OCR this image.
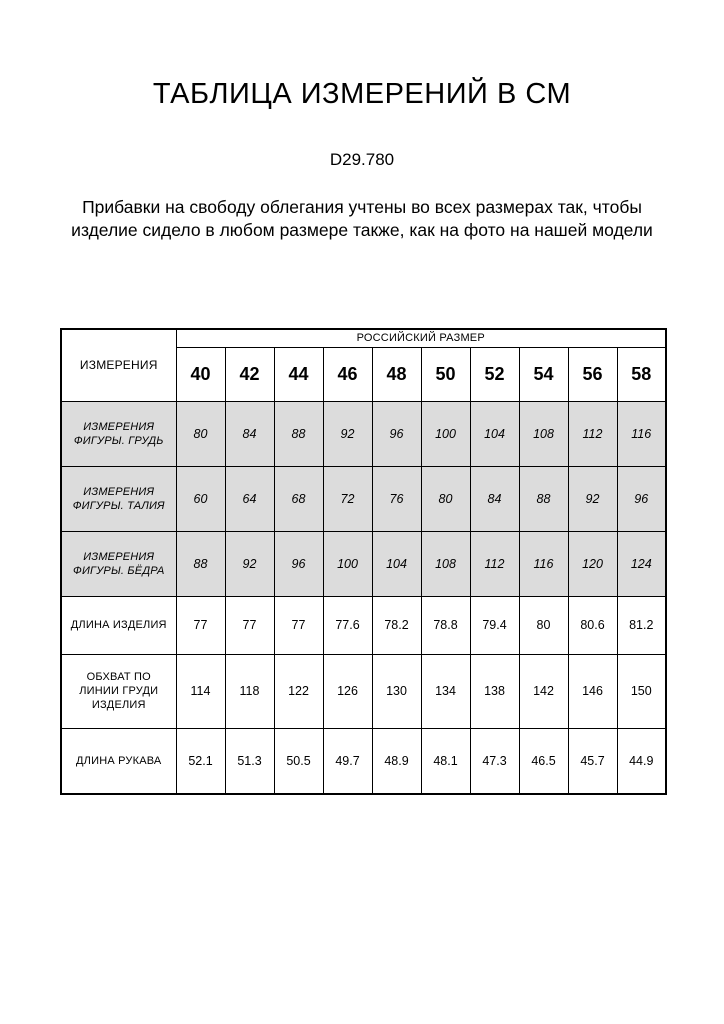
ТАБЛИЦА ИЗМЕРЕНИЙ В СМ
D29.780
Прибавки на свободу облегания учтены во всех размерах так, чтобы изделие сидело в любом размере также, как на фото на нашей модели
ИЗМЕРЕНИЯ	РОССИЙСКИЙ РАЗМЕР									
	40	42	44	46	48	50	52	54	56	58
ИЗМЕРЕНИЯ ФИГУРЫ. ГРУДЬ	80	84	88	92	96	100	104	108	112	116
ИЗМЕРЕНИЯ ФИГУРЫ. ТАЛИЯ	60	64	68	72	76	80	84	88	92	96
ИЗМЕРЕНИЯ ФИГУРЫ. БЁДРА	88	92	96	100	104	108	112	116	120	124
ДЛИНА ИЗДЕЛИЯ	77	77	77	77.6	78.2	78.8	79.4	80	80.6	81.2
ОБХВАТ ПО ЛИНИИ ГРУДИ ИЗДЕЛИЯ	114	118	122	126	130	134	138	142	146	150
ДЛИНА РУКАВА	52.1	51.3	50.5	49.7	48.9	48.1	47.3	46.5	45.7	44.9
